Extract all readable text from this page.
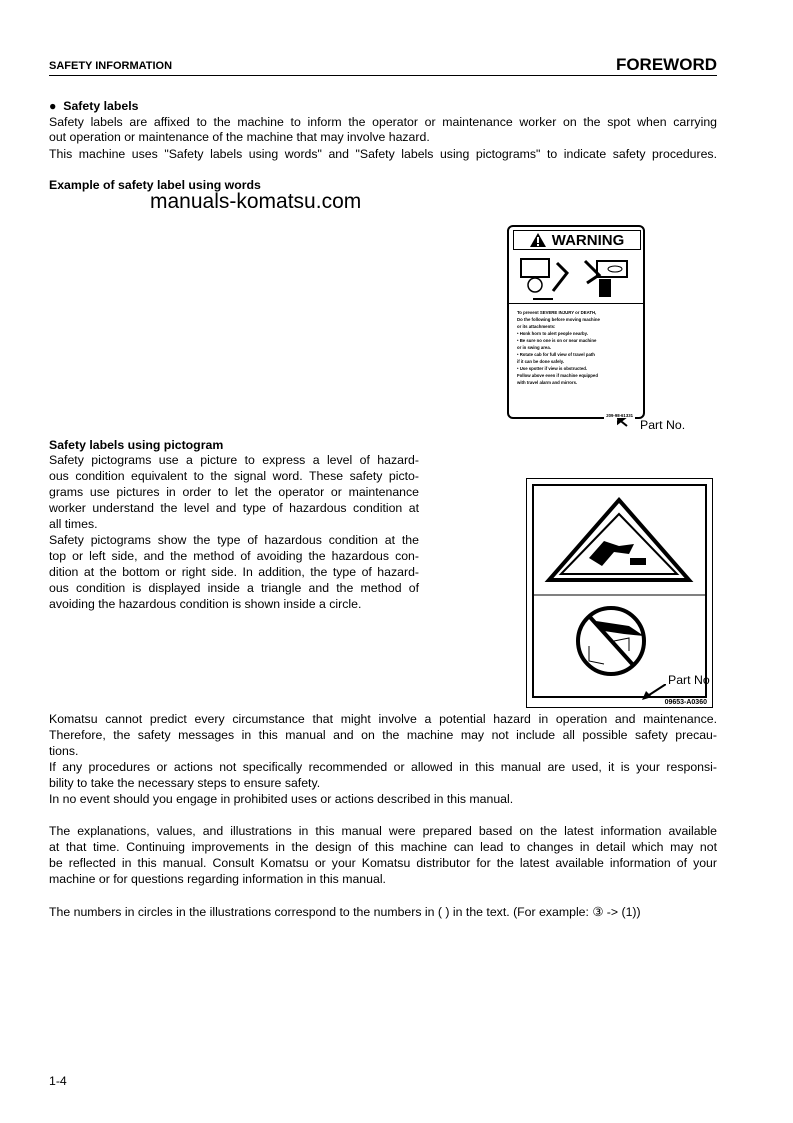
SAFETY INFORMATION	FOREWORD
●  Safety labels
Safety labels are affixed to the machine to inform the operator or maintenance worker on the spot when carrying
out operation or maintenance of the machine that may involve hazard.
This machine uses "Safety labels using words" and "Safety labels using pictograms" to indicate safety procedures.
Example of safety label using words
manuals-komatsu.com
WARNING
To prevent SEVERE INJURY or DEATH,
Do the following before moving machine
or its attachments:
• Honk horn to alert people nearby.
• Be sure no one is on or near machine
or in swing area.
• Rotate cab for full view of travel path
if it can be done safely.
• Use spotter if view is obstructed.
Follow above even if machine equipped
with travel alarm and mirrors.
209-98-61331
Part No.
Safety labels using pictogram
Safety pictograms use a picture to express a level of hazard-
ous condition equivalent to the signal word. These safety picto-
grams use pictures in order to let the operator or maintenance
worker understand the level and type of hazardous condition at
all times.
Safety pictograms show the type of hazardous condition at the
top or left side, and the method of avoiding the hazardous con-
dition at the bottom or right side. In addition, the type of hazard-
ous condition is displayed inside a triangle and the method of
avoiding the hazardous condition is shown inside a circle.
09653-A0360
Part No
Komatsu cannot predict every circumstance that might involve a potential hazard in operation and maintenance.
Therefore, the safety messages in this manual and on the machine may not include all possible safety precau-
tions.
If any procedures or actions not specifically recommended or allowed in this manual are used, it is your responsi-
bility to take the necessary steps to ensure safety.
In no event should you engage in prohibited uses or actions described in this manual.
The explanations, values, and illustrations in this manual were prepared based on the latest information available
at that time. Continuing improvements in the design of this machine can lead to changes in detail which may not
be reflected in this manual. Consult Komatsu or your Komatsu distributor for the latest available information of your
machine or for questions regarding information in this manual.
The numbers in circles in the illustrations correspond to the numbers in ( ) in the text. (For example: ③ -> (1))
1-4
